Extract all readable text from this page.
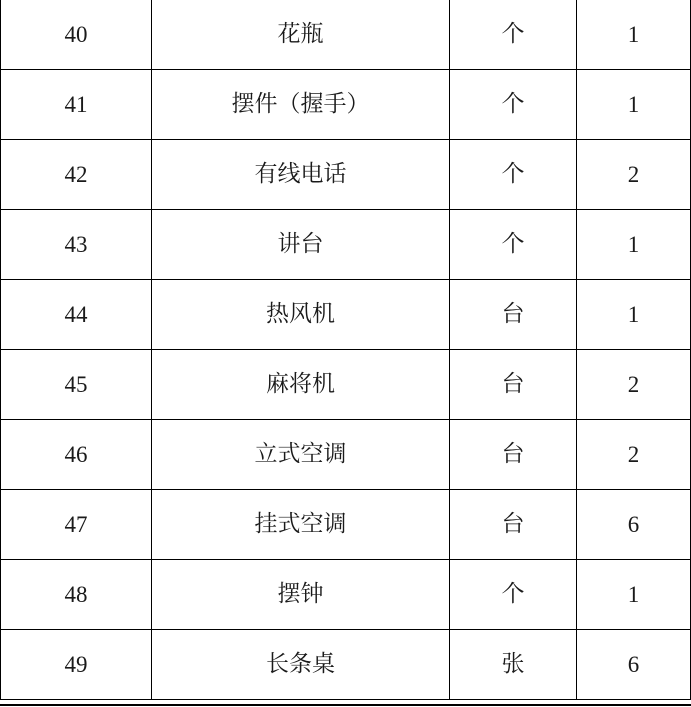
40	花瓶	个	1
41	摆件（握手）	个	1
42	有线电话	个	2
43	讲台	个	1
44	热风机	台	1
45	麻将机	台	2
46	立式空调	台	2
47	挂式空调	台	6
48	摆钟	个	1
49	长条桌	张	6
